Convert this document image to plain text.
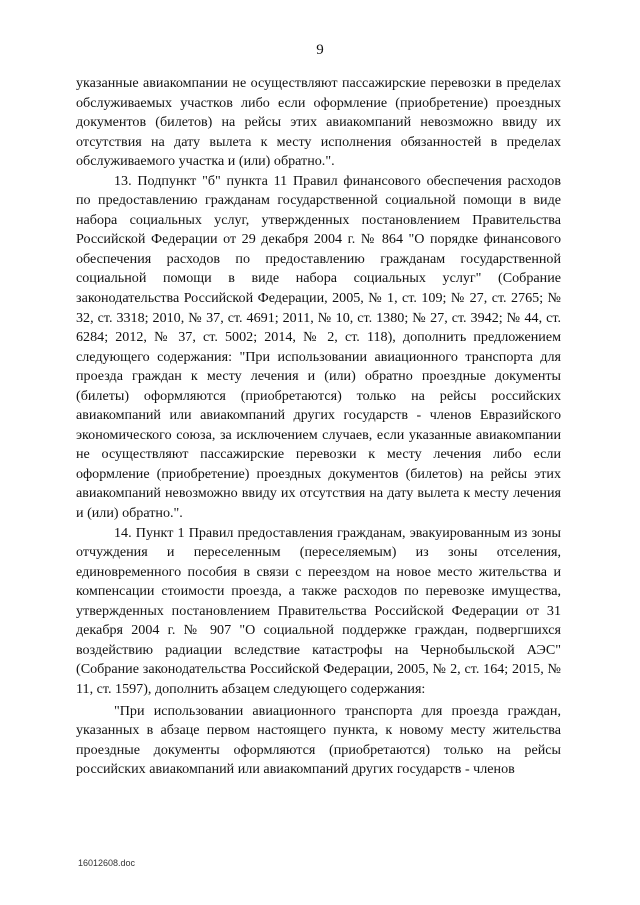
9

указанные авиакомпании не осуществляют пассажирские перевозки в пределах обслуживаемых участков либо если оформление (приобретение) проездных документов (билетов) на рейсы этих авиакомпаний невозможно ввиду их отсутствия на дату вылета к месту исполнения обязанностей в пределах обслуживаемого участка и (или) обратно.".

13. Подпункт "б" пункта 11 Правил финансового обеспечения расходов по предоставлению гражданам государственной социальной помощи в виде набора социальных услуг, утвержденных постановлением Правительства Российской Федерации от 29 декабря 2004 г. № 864 "О порядке финансового обеспечения расходов по предоставлению гражданам государственной социальной помощи в виде набора социальных услуг" (Собрание законодательства Российской Федерации, 2005, № 1, ст. 109; № 27, ст. 2765; № 32, ст. 3318; 2010, № 37, ст. 4691; 2011, № 10, ст. 1380; № 27, ст. 3942; № 44, ст. 6284; 2012, № 37, ст. 5002; 2014, № 2, ст. 118), дополнить предложением следующего содержания: "При использовании авиационного транспорта для проезда граждан к месту лечения и (или) обратно проездные документы (билеты) оформляются (приобретаются) только на рейсы российских авиакомпаний или авиакомпаний других государств - членов Евразийского экономического союза, за исключением случаев, если указанные авиакомпании не осуществляют пассажирские перевозки к месту лечения либо если оформление (приобретение) проездных документов (билетов) на рейсы этих авиакомпаний невозможно ввиду их отсутствия на дату вылета к месту лечения и (или) обратно.".

14. Пункт 1 Правил предоставления гражданам, эвакуированным из зоны отчуждения и переселенным (переселяемым) из зоны отселения, единовременного пособия в связи с переездом на новое место жительства и компенсации стоимости проезда, а также расходов по перевозке имущества, утвержденных постановлением Правительства Российской Федерации от 31 декабря 2004 г. № 907 "О социальной поддержке граждан, подвергшихся воздействию радиации вследствие катастрофы на Чернобыльской АЭС" (Собрание законодательства Российской Федерации, 2005, № 2, ст. 164; 2015, № 11, ст. 1597), дополнить абзацем следующего содержания:

"При использовании авиационного транспорта для проезда граждан, указанных в абзаце первом настоящего пункта, к новому месту жительства проездные документы оформляются (приобретаются) только на рейсы российских авиакомпаний или авиакомпаний других государств - членов

16012608.doc
